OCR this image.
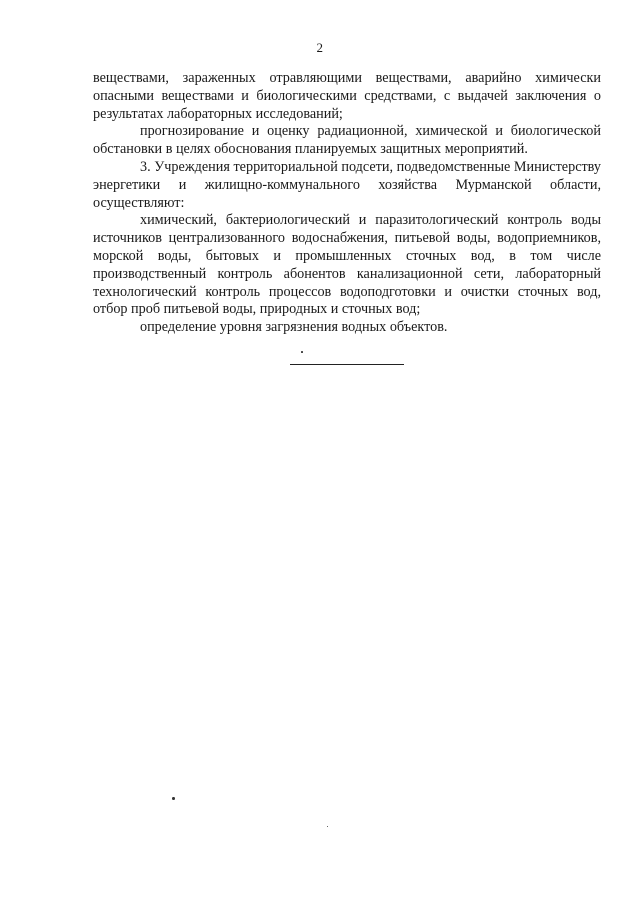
2

веществами, зараженных отравляющими веществами, аварийно химически опасными веществами и биологическими средствами, с выдачей заключения о результатах лабораторных исследований;

прогнозирование и оценку радиационной, химической и биологической обстановки в целях обоснования планируемых защитных мероприятий.

3. Учреждения территориальной подсети, подведомственные Министерству энергетики и жилищно-коммунального хозяйства Мурманской области, осуществляют:

химический, бактериологический и паразитологический контроль воды источников централизованного водоснабжения, питьевой воды, водоприемников, морской воды, бытовых и промышленных сточных вод, в том числе производственный контроль абонентов канализационной сети, лабораторный технологический контроль процессов водоподготовки и очистки сточных вод, отбор проб питьевой воды, природных и сточных вод;

определение уровня загрязнения водных объектов.
